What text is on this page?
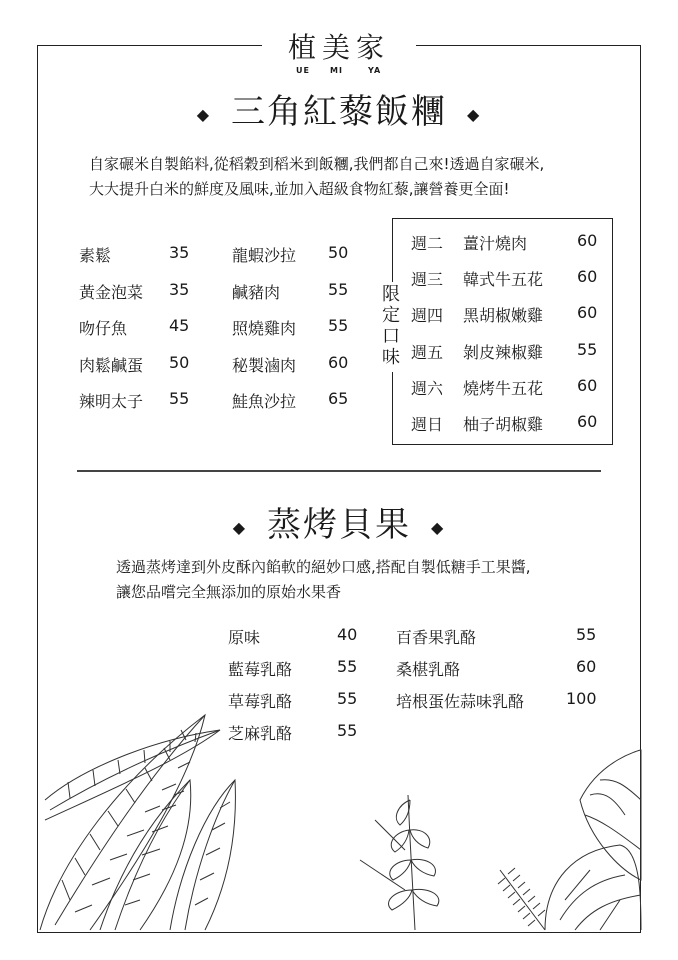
植美家
UE	MI	YA
◆ 三角紅藜飯糰 ◆
自家碾米自製餡料,從稻穀到稻米到飯糰,我們都自己來!透過自家碾米,
大大提升白米的鮮度及風味,並加入超級食物紅藜,讓營養更全面!
素鬆	35
黃金泡菜 35
吻仔魚	45
肉鬆鹹蛋 50
辣明太子 55
龍蝦沙拉 50
鹹豬肉	55
照燒雞肉 55
秘製滷肉 60
鮭魚沙拉 65
限定口味
週二 薑汁燒肉	60
週三 韓式牛五花 60
週四 黑胡椒嫩雞 60
週五 剝皮辣椒雞 55
週六 燒烤牛五花 60
週日 柚子胡椒雞 60
◆ 蒸烤貝果 ◆
透過蒸烤達到外皮酥內餡軟的絕妙口感,搭配自製低糖手工果醬,
讓您品嚐完全無添加的原始水果香
原味	40
藍莓乳酪	55
草莓乳酪	55
芝麻乳酪	55
百香果乳酪	55
桑椹乳酪	60
培根蛋佐蒜味乳酪	100
